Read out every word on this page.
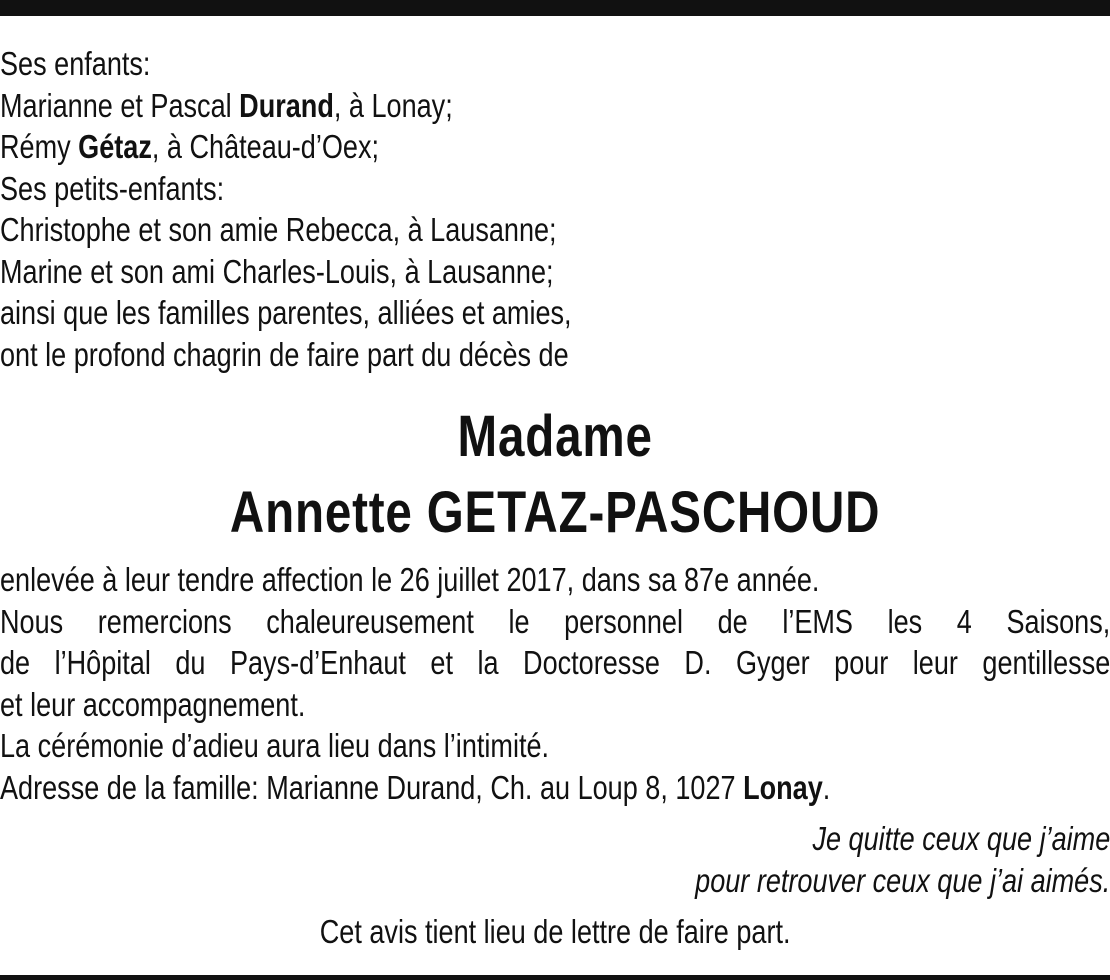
Ses enfants:
Marianne et Pascal Durand, à Lonay;
Rémy Gétaz, à Château-d’Oex;
Ses petits-enfants:
Christophe et son amie Rebecca, à Lausanne;
Marine et son ami Charles-Louis, à Lausanne;
ainsi que les familles parentes, alliées et amies,
ont le profond chagrin de faire part du décès de
Madame
Annette GETAZ-PASCHOUD
enlevée à leur tendre affection le 26 juillet 2017, dans sa 87e année.
Nous remercions chaleureusement le personnel de l’EMS les 4 Saisons,
de l’Hôpital du Pays-d’Enhaut et la Doctoresse D. Gyger pour leur gentillesse
et leur accompagnement.
La cérémonie d’adieu aura lieu dans l’intimité.
Adresse de la famille: Marianne Durand, Ch. au Loup 8, 1027 Lonay.
Je quitte ceux que j’aime
pour retrouver ceux que j’ai aimés.
Cet avis tient lieu de lettre de faire part.
